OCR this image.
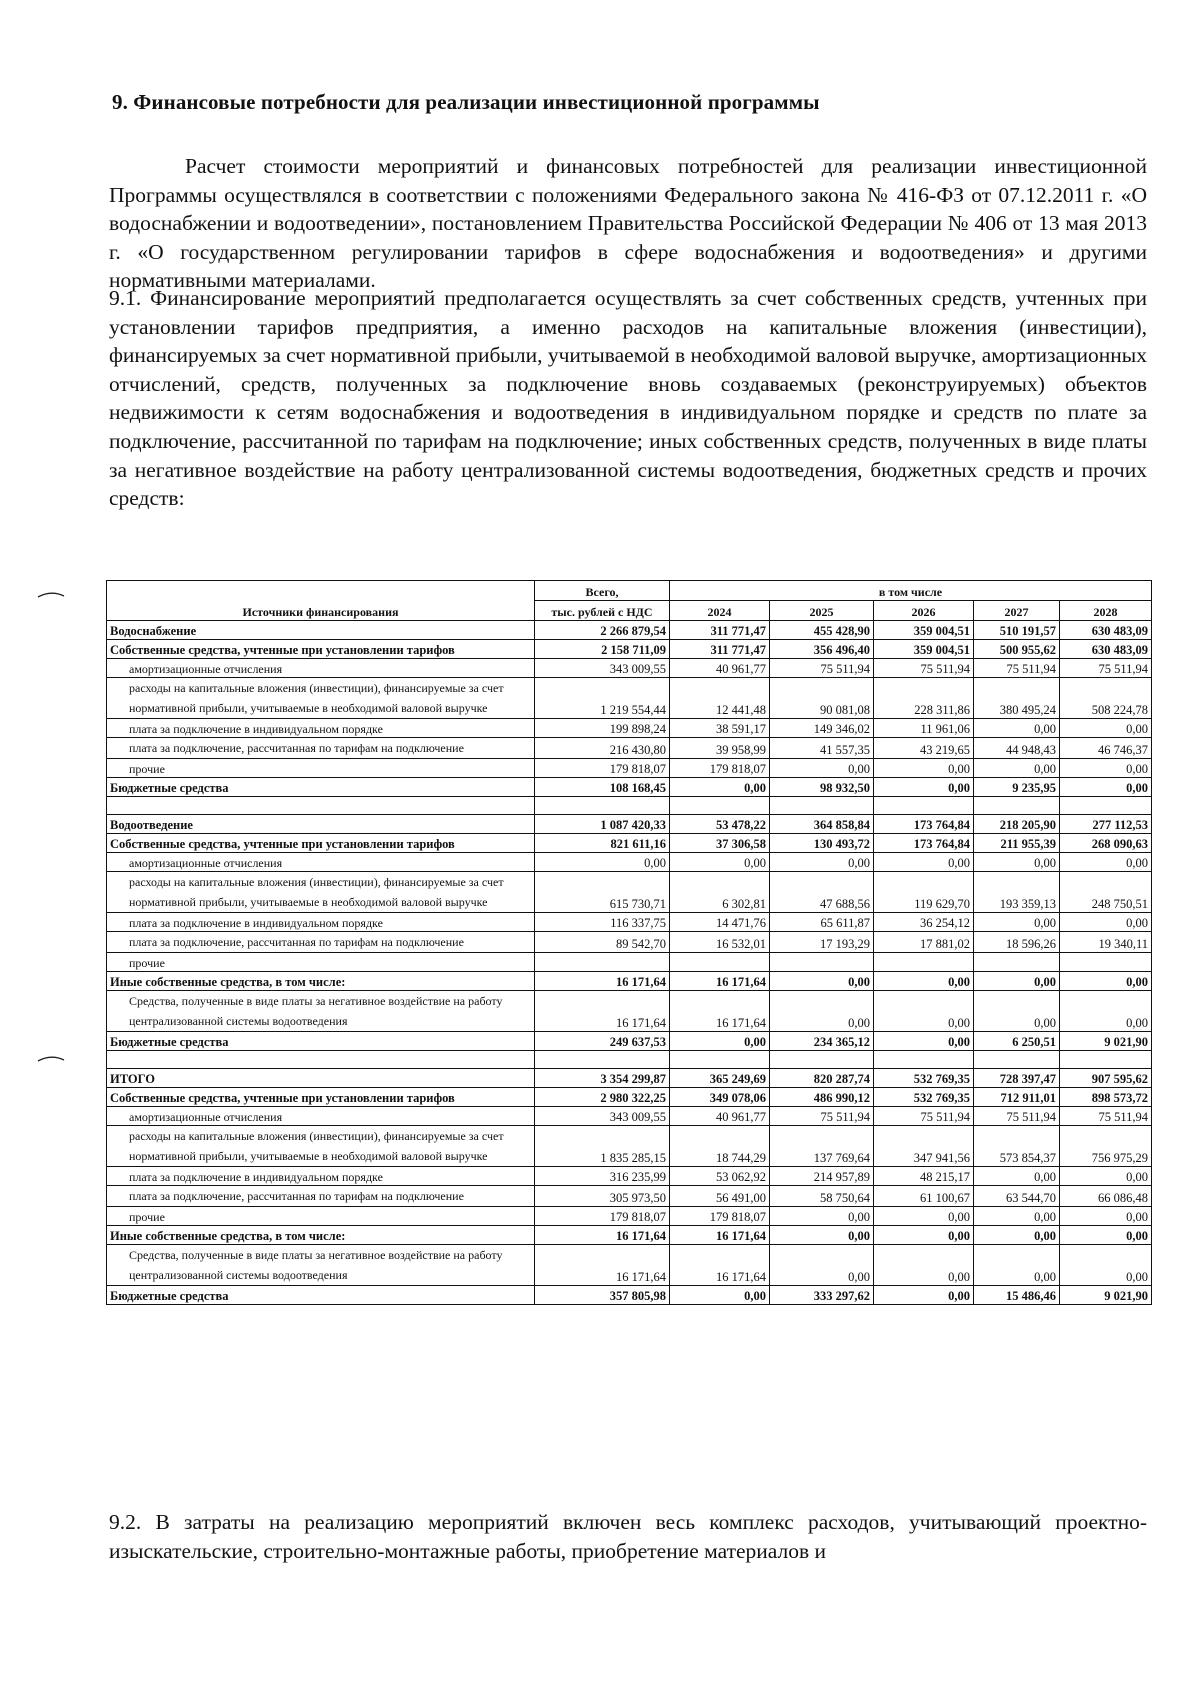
9. Финансовые потребности для реализации инвестиционной программы

Расчет стоимости мероприятий и финансовых потребностей для реализации инвестиционной Программы осуществлялся в соответствии с положениями Федерального закона № 416-ФЗ от 07.12.2011 г. «О водоснабжении и водоотведении», постановлением Правительства Российской Федерации № 406 от 13 мая 2013 г. «О государственном регулировании тарифов в сфере водоснабжения и водоотведения» и другими нормативными материалами.

9.1. Финансирование мероприятий предполагается осуществлять за счет собственных средств, учтенных при установлении тарифов предприятия, а именно расходов на капитальные вложения (инвестиции), финансируемых за счет нормативной прибыли, учитываемой в необходимой валовой выручке, амортизационных отчислений, средств, полученных за подключение вновь создаваемых (реконструируемых) объектов недвижимости к сетям водоснабжения и водоотведения в индивидуальном порядке и средств по плате за подключение, рассчитанной по тарифам на подключение; иных собственных средств, полученных в виде платы за негативное воздействие на работу централизованной системы водоотведения, бюджетных средств и прочих средств:

Источники финансирования	Всего,	в том числе				
	тыс. рублей с НДС	2024	2025	2026	2027	2028
Водоснабжение	2 266 879,54	311 771,47	455 428,90	359 004,51	510 191,57	630 483,09
Собственные средства, учтенные при установлении тарифов	2 158 711,09	311 771,47	356 496,40	359 004,51	500 955,62	630 483,09
амортизационные отчисления	343 009,55	40 961,77	75 511,94	75 511,94	75 511,94	75 511,94
расходы на капитальные вложения (инвестиции), финансируемые за счет нормативной прибыли, учитываемые в необходимой валовой выручке	1 219 554,44	12 441,48	90 081,08	228 311,86	380 495,24	508 224,78
плата за подключение в индивидуальном порядке	199 898,24	38 591,17	149 346,02	11 961,06	0,00	0,00
плата за подключение, рассчитанная по тарифам на подключение	216 430,80	39 958,99	41 557,35	43 219,65	44 948,43	46 746,37
прочие	179 818,07	179 818,07	0,00	0,00	0,00	0,00
Бюджетные средства	108 168,45	0,00	98 932,50	0,00	9 235,95	0,00

Водоотведение	1 087 420,33	53 478,22	364 858,84	173 764,84	218 205,90	277 112,53
Собственные средства, учтенные при установлении тарифов	821 611,16	37 306,58	130 493,72	173 764,84	211 955,39	268 090,63
амортизационные отчисления	0,00	0,00	0,00	0,00	0,00	0,00
расходы на капитальные вложения (инвестиции), финансируемые за счет нормативной прибыли, учитываемые в необходимой валовой выручке	615 730,71	6 302,81	47 688,56	119 629,70	193 359,13	248 750,51
плата за подключение в индивидуальном порядке	116 337,75	14 471,76	65 611,87	36 254,12	0,00	0,00
плата за подключение, рассчитанная по тарифам на подключение	89 542,70	16 532,01	17 193,29	17 881,02	18 596,26	19 340,11
прочие						
Иные собственные средства, в том числе:	16 171,64	16 171,64	0,00	0,00	0,00	0,00
Средства, полученные в виде платы за негативное воздействие на работу централизованной системы водоотведения	16 171,64	16 171,64	0,00	0,00	0,00	0,00
Бюджетные средства	249 637,53	0,00	234 365,12	0,00	6 250,51	9 021,90

ИТОГО	3 354 299,87	365 249,69	820 287,74	532 769,35	728 397,47	907 595,62
Собственные средства, учтенные при установлении тарифов	2 980 322,25	349 078,06	486 990,12	532 769,35	712 911,01	898 573,72
амортизационные отчисления	343 009,55	40 961,77	75 511,94	75 511,94	75 511,94	75 511,94
расходы на капитальные вложения (инвестиции), финансируемые за счет нормативной прибыли, учитываемые в необходимой валовой выручке	1 835 285,15	18 744,29	137 769,64	347 941,56	573 854,37	756 975,29
плата за подключение в индивидуальном порядке	316 235,99	53 062,92	214 957,89	48 215,17	0,00	0,00
плата за подключение, рассчитанная по тарифам на подключение	305 973,50	56 491,00	58 750,64	61 100,67	63 544,70	66 086,48
прочие	179 818,07	179 818,07	0,00	0,00	0,00	0,00
Иные собственные средства, в том числе:	16 171,64	16 171,64	0,00	0,00	0,00	0,00
Средства, полученные в виде платы за негативное воздействие на работу централизованной системы водоотведения	16 171,64	16 171,64	0,00	0,00	0,00	0,00
Бюджетные средства	357 805,98	0,00	333 297,62	0,00	15 486,46	9 021,90

9.2. В затраты на реализацию мероприятий включен весь комплекс расходов, учитывающий проектно-изыскательские, строительно-монтажные работы, приобретение материалов и
